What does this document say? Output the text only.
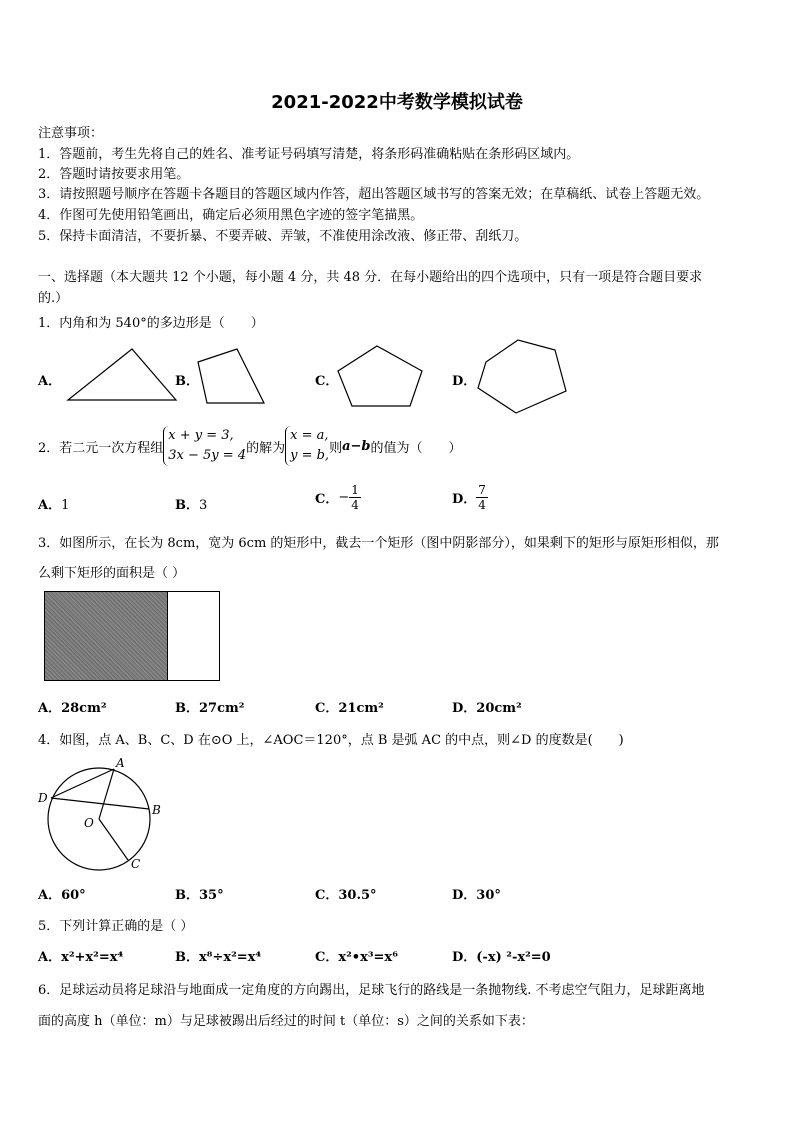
2021-2022中考数学模拟试卷
注意事项：
1．答题前，考生先将自己的姓名、准考证号码填写清楚，将条形码准确粘贴在条形码区域内。
2．答题时请按要求用笔。
3．请按照题号顺序在答题卡各题目的答题区域内作答，超出答题区域书写的答案无效；在草稿纸、试卷上答题无效。
4．作图可先使用铅笔画出，确定后必须用黑色字迹的签字笔描黑。
5．保持卡面清洁，不要折暴、不要弄破、弄皱，不准使用涂改液、修正带、刮纸刀。
一、选择题（本大题共 12 个小题，每小题 4 分，共 48 分．在每小题给出的四个选项中，只有一项是符合题目要求
的.）
1．内角和为 540°的多边形是（　　）
A．	B．	C．	D．
2．若二元一次方程组
x + y = 3,
3x − 5y = 4 的解为
x = a,
y = b, 则 a−b 的值为（　　）
A．1	B．3	C． − $\frac{1}{4}$	D． $\frac{7}{4}$
3．如图所示，在长为 8cm，宽为 6cm 的矩形中，截去一个矩形（图中阴影部分），如果剩下的矩形与原矩形相似，那
么剩下矩形的面积是（ ）
A．28cm²	B．27cm²	C．21cm²	D．20cm²
4．如图，点 A、B、C、D 在⊙O 上，∠AOC＝120°，点 B 是弧 AC 的中点，则∠D 的度数是(　　)
A
B
C
D
O
A．60°	B．35°	C．30.5°	D．30°
5．下列计算正确的是（ ）
A．x²+x²=x⁴	B．x⁸÷x²=x⁴	C．x²•x³=x⁶	D．(-x) ²-x²=0
6．足球运动员将足球沿与地面成一定角度的方向踢出，足球飞行的路线是一条抛物线. 不考虑空气阻力，足球距离地
面的高度 h（单位：m）与足球被踢出后经过的时间 t（单位：s）之间的关系如下表：
